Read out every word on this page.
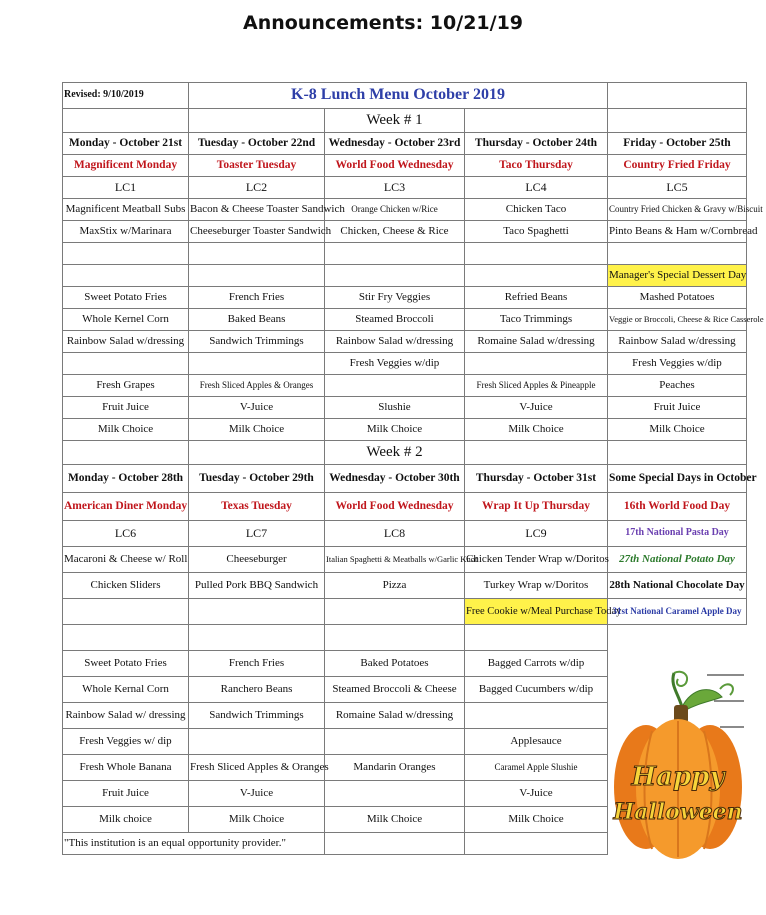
Announcements: 10/21/19
Revised: 9/10/2019	K-8 Lunch Menu October 2019			
		Week # 1		
Monday - October 21st	Tuesday - October 22nd	Wednesday - October 23rd	Thursday - October 24th	Friday - October 25th
Magnificent Monday	Toaster Tuesday	World Food Wednesday	Taco Thursday	Country Fried Friday
LC1	LC2	LC3	LC4	LC5
Magnificent Meatball Subs	Bacon & Cheese Toaster Sandwich	Orange Chicken w/Rice	Chicken Taco	Country Fried Chicken & Gravy w/Biscuit
MaxStix w/Marinara	Cheeseburger Toaster Sandwich	Chicken, Cheese & Rice	Taco Spaghetti	Pinto Beans & Ham w/Cornbread

				Manager's Special Dessert Day
Sweet Potato Fries	French Fries	Stir Fry Veggies	Refried Beans	Mashed Potatoes
Whole Kernel Corn	Baked Beans	Steamed Broccoli	Taco Trimmings	Veggie or Broccoli, Cheese & Rice Casserole
Rainbow Salad w/dressing	Sandwich Trimmings	Rainbow Salad w/dressing	Romaine Salad w/dressing	Rainbow Salad w/dressing
		Fresh Veggies w/dip		Fresh Veggies w/dip
Fresh Grapes	Fresh Sliced Apples & Oranges		Fresh Sliced Apples & Pineapple	Peaches
Fruit Juice	V-Juice	Slushie	V-Juice	Fruit Juice
Milk Choice	Milk Choice	Milk Choice	Milk Choice	Milk Choice
		Week # 2		
Monday - October 28th	Tuesday - October 29th	Wednesday - October 30th	Thursday - October 31st	Some Special Days in October
American Diner Monday	Texas Tuesday	World Food Wednesday	Wrap It Up Thursday	16th World Food Day
LC6	LC7	LC8	LC9	17th National Pasta Day
Macaroni & Cheese w/ Roll	Cheeseburger	Italian Spaghetti & Meatballs w/Garlic Knot	Chicken Tender Wrap w/Doritos	27th National Potato Day
Chicken Sliders	Pulled Pork BBQ Sandwich	Pizza	Turkey Wrap w/Doritos	28th National Chocolate Day
			Free Cookie w/Meal Purchase Today	31st National Caramel Apple Day

Sweet Potato Fries	French Fries	Baked Potatoes	Bagged Carrots w/dip	
Whole Kernal Corn	Ranchero Beans	Steamed Broccoli & Cheese	Bagged Cucumbers w/dip	
Rainbow Salad w/ dressing	Sandwich Trimmings	Romaine Salad w/dressing		
Fresh Veggies w/ dip			Applesauce	
Fresh Whole Banana	Fresh Sliced Apples & Oranges	Mandarin Oranges	Caramel Apple Slushie	
Fruit Juice	V-Juice		V-Juice	
Milk choice	Milk Choice	Milk Choice	Milk Choice	
"This institution is an equal opportunity provider."				
Happy
Halloween
